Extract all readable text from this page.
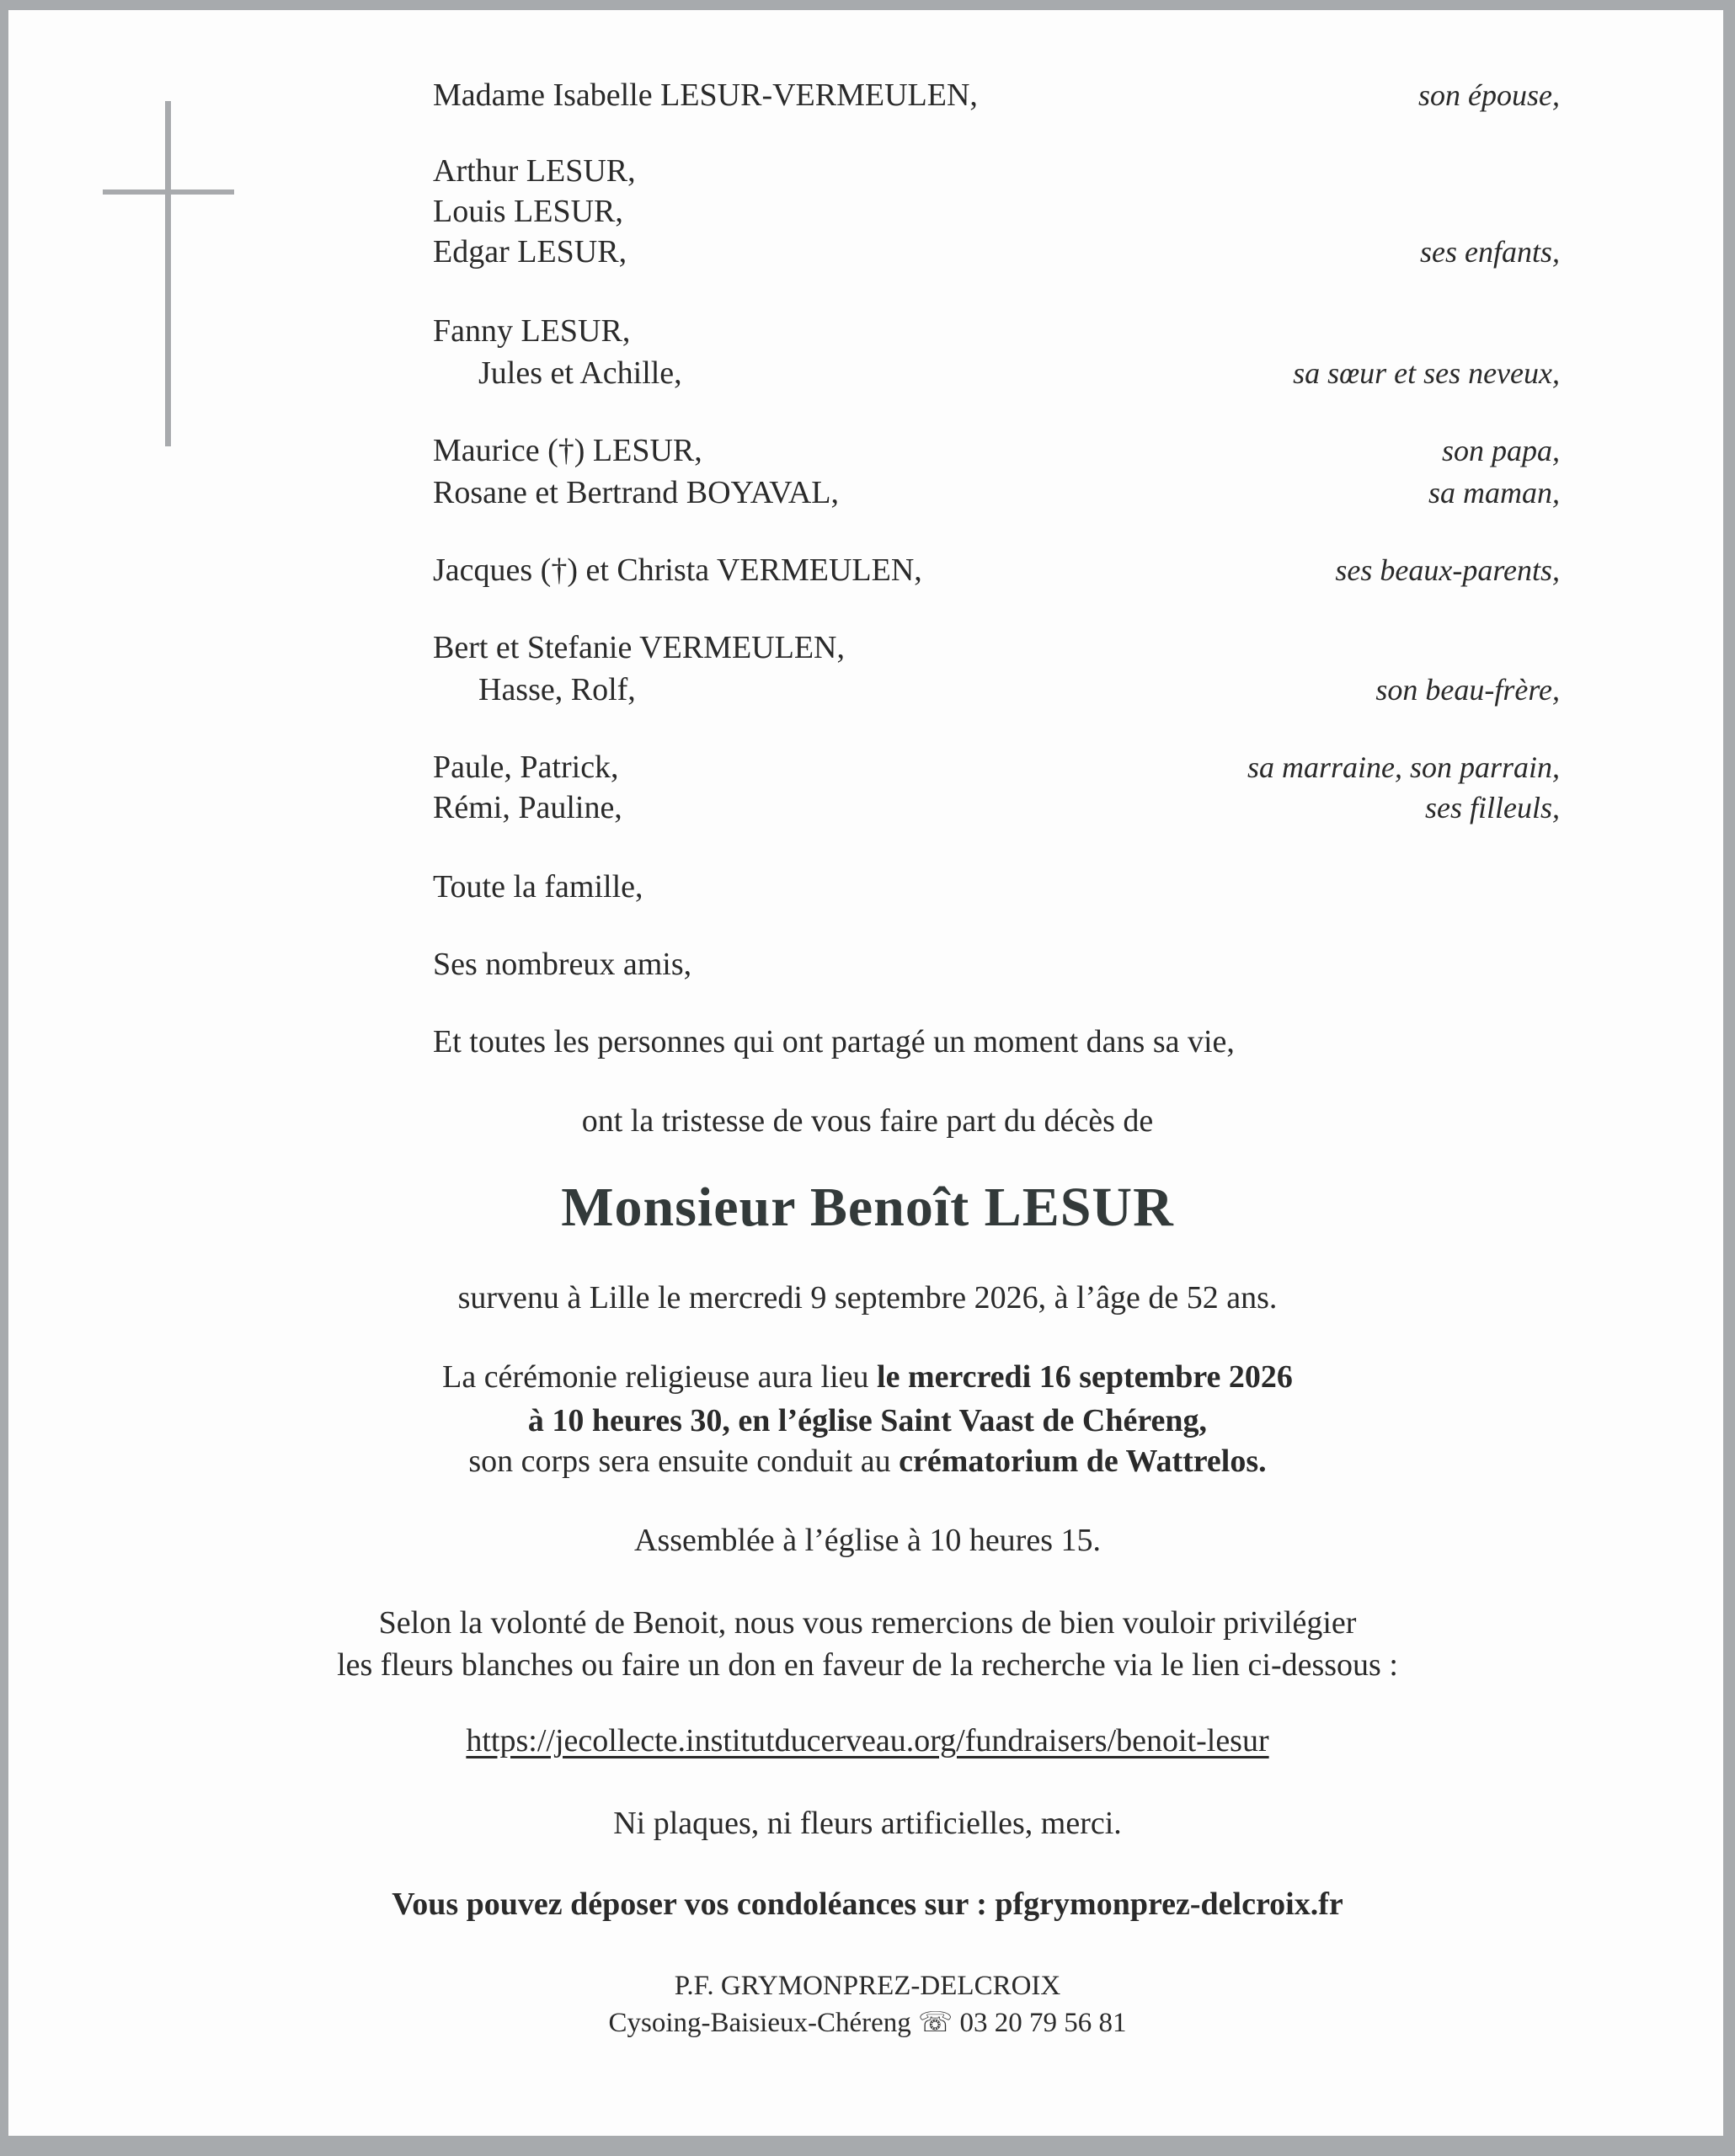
Madame Isabelle LESUR-VERMEULEN,	son épouse,
Arthur LESUR,
Louis LESUR,
Edgar LESUR,	ses enfants,
Fanny LESUR,
Jules et Achille,	sa sœur et ses neveux,
Maurice (†) LESUR,	son papa,
Rosane et Bertrand BOYAVAL,	sa maman,
Jacques (†) et Christa VERMEULEN,	ses beaux-parents,
Bert et Stefanie VERMEULEN,
Hasse, Rolf,	son beau-frère,
Paule, Patrick,	sa marraine, son parrain,
Rémi, Pauline,	ses filleuls,
Toute la famille,
Ses nombreux amis,
Et toutes les personnes qui ont partagé un moment dans sa vie,
ont la tristesse de vous faire part du décès de
Monsieur Benoît LESUR
survenu à Lille le mercredi 9 septembre 2026, à l’âge de 52 ans.
La cérémonie religieuse aura lieu le mercredi 16 septembre 2026
à 10 heures 30, en l’église Saint Vaast de Chéreng,
son corps sera ensuite conduit au crématorium de Wattrelos.
Assemblée à l’église à 10 heures 15.
Selon la volonté de Benoit, nous vous remercions de bien vouloir privilégier
les fleurs blanches ou faire un don en faveur de la recherche via le lien ci-dessous :
https://jecollecte.institutducerveau.org/fundraisers/benoit-lesur
Ni plaques, ni fleurs artificielles, merci.
Vous pouvez déposer vos condoléances sur : pfgrymonprez-delcroix.fr
P.F. GRYMONPREZ-DELCROIX
Cysoing-Baisieux-Chéreng ☏ 03 20 79 56 81
